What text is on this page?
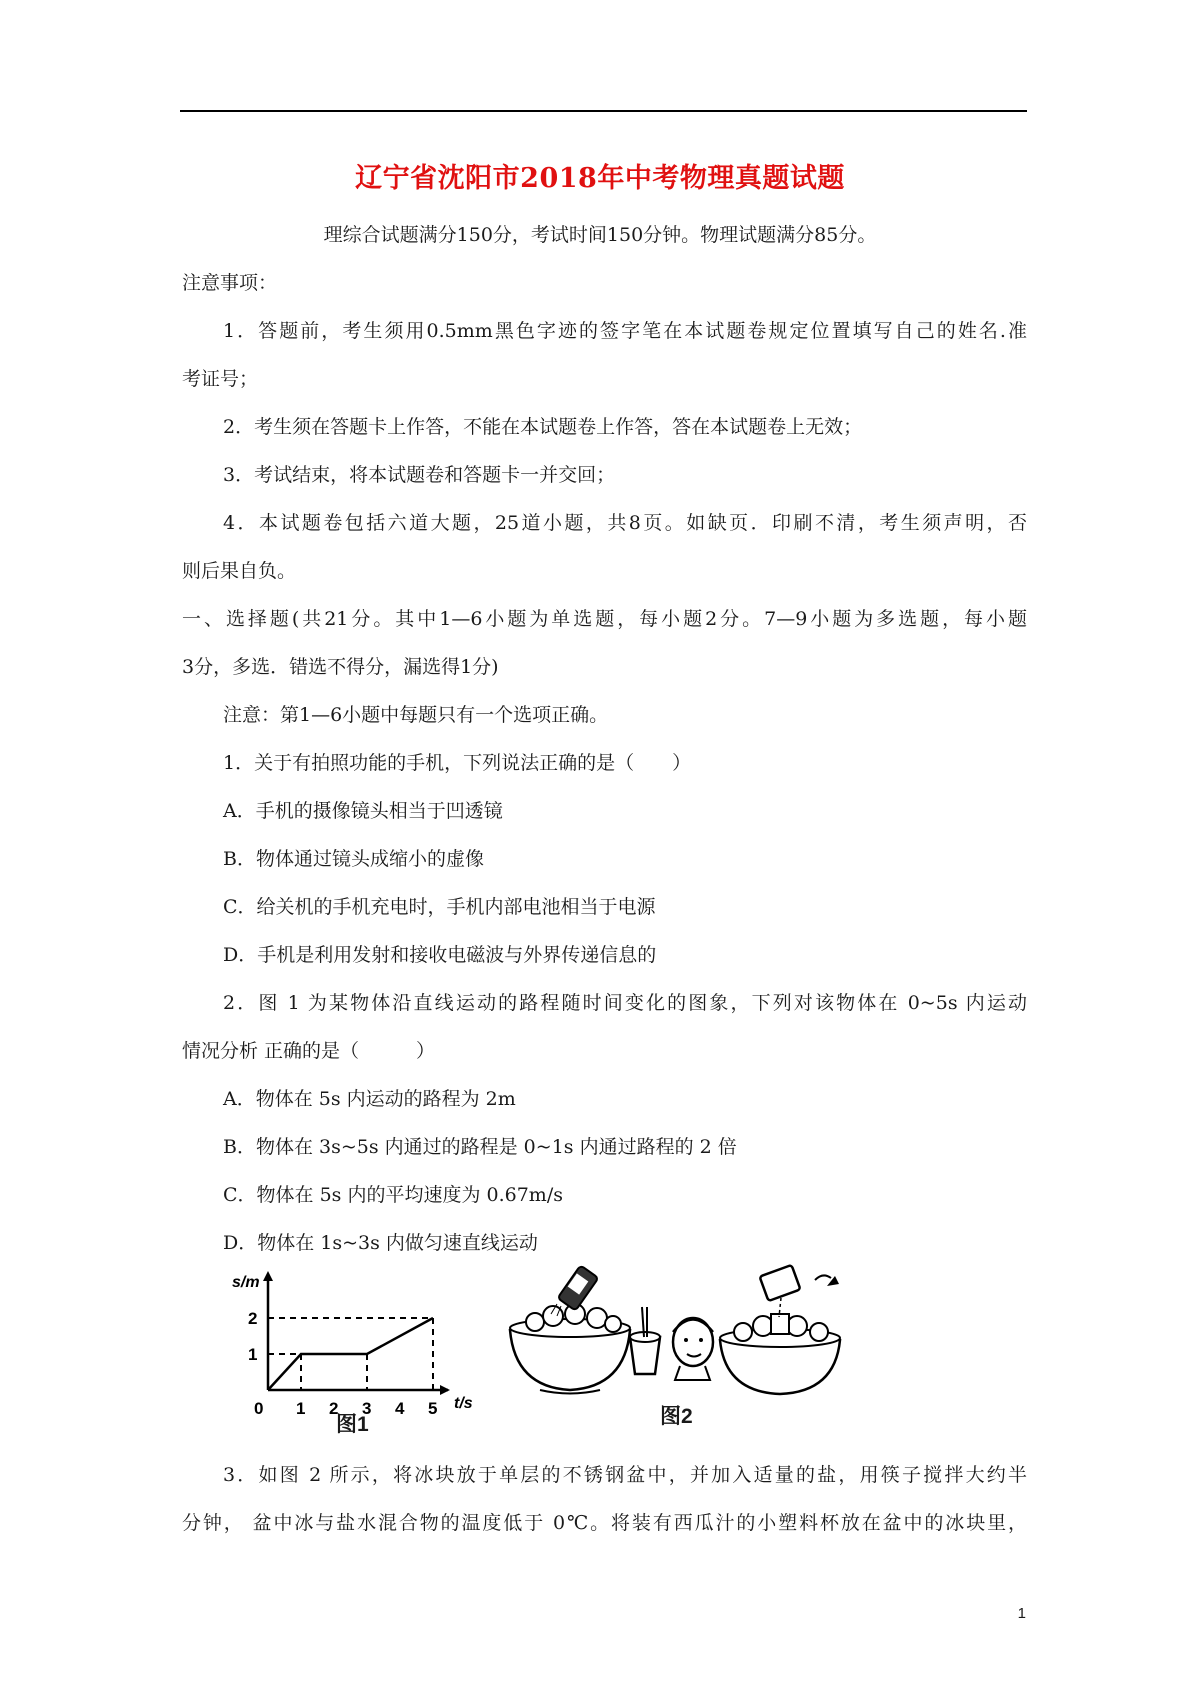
辽宁省沈阳市2018年中考物理真题试题
理综合试题满分150分，考试时间150分钟。物理试题满分85分。
注意事项：
1．答题前，考生须用0.5mm黑色字迹的签字笔在本试题卷规定位置填写自己的姓名.准
考证号；
2．考生须在答题卡上作答，不能在本试题卷上作答，答在本试题卷上无效；
3．考试结束，将本试题卷和答题卡一并交回；
4．本试题卷包括六道大题，25道小题，共8页。如缺页．印刷不清，考生须声明，否
则后果自负。
一、选择题(共21分。其中1—6小题为单选题，每小题2分。7—9小题为多选题，每小题
3分，多选．错选不得分，漏选得1分)
注意：第1—6小题中每题只有一个选项正确。
1．关于有拍照功能的手机，下列说法正确的是（　　）
A．手机的摄像镜头相当于凹透镜
B．物体通过镜头成缩小的虚像
C．给关机的手机充电时，手机内部电池相当于电源
D．手机是利用发射和接收电磁波与外界传递信息的
2．图 1 为某物体沿直线运动的路程随时间变化的图象，下列对该物体在 0~5s 内运动
情况分析 正确的是（　　　）
A．物体在 5s 内运动的路程为 2m
B．物体在 3s~5s 内通过的路程是 0~1s 内通过路程的 2 倍
C．物体在 5s 内的平均速度为 0.67m/s
D．物体在 1s~3s 内做匀速直线运动
s/m
t/s
0 1 2 3 4 5
1
2
图1	图2
3．如图 2 所示，将冰块放于单层的不锈钢盆中，并加入适量的盐，用筷子搅拌大约半
分钟， 盆中冰与盐水混合物的温度低于 0℃。将装有西瓜汁的小塑料杯放在盆中的冰块里，
1
